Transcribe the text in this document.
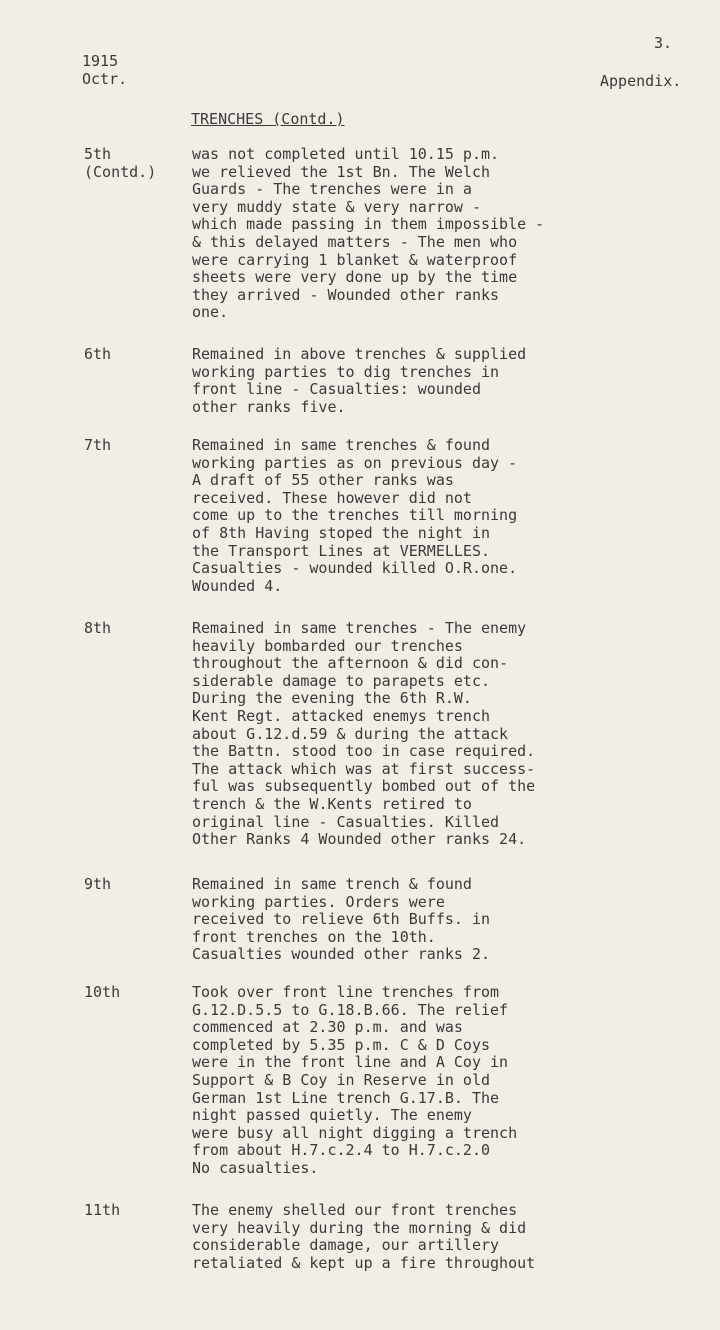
3.
1915
Octr.	Appendix.
TRENCHES (Contd.)
5th
(Contd.)
was not completed until 10.15 p.m.
we relieved the 1st Bn. The Welch
Guards - The trenches were in a
very muddy state & very narrow -
which made passing in them impossible -
& this delayed matters - The men who
were carrying 1 blanket & waterproof
sheets were very done up by the time
they arrived - Wounded other ranks
one.
6th	Remained in above trenches & supplied
working parties to dig trenches in
front line - Casualties: wounded
other ranks five.
7th	Remained in same trenches & found
working parties as on previous day -
A draft of 55 other ranks was
received. These however did not
come up to the trenches till morning
of 8th Having stoped the night in
the Transport Lines at VERMELLES.
Casualties - wounded killed O.R.one.
Wounded 4.
8th	Remained in same trenches - The enemy
heavily bombarded our trenches
throughout the afternoon & did con-
siderable damage to parapets etc.
During the evening the 6th R.W.
Kent Regt. attacked enemys trench
about G.12.d.59 & during the attack
the Battn. stood too in case required.
The attack which was at first success-
ful was subsequently bombed out of the
trench & the W.Kents retired to
original line - Casualties. Killed
Other Ranks 4 Wounded other ranks 24.
9th	Remained in same trench & found
working parties. Orders were
received to relieve 6th Buffs. in
front trenches on the 10th.
Casualties wounded other ranks 2.
10th	Took over front line trenches from
G.12.D.5.5 to G.18.B.66. The relief
commenced at 2.30 p.m. and was
completed by 5.35 p.m. C & D Coys
were in the front line and A Coy in
Support & B Coy in Reserve in old
German 1st Line trench G.17.B. The
night passed quietly. The enemy
were busy all night digging a trench
from about H.7.c.2.4 to H.7.c.2.0
No casualties.
11th	The enemy shelled our front trenches
very heavily during the morning & did
considerable damage, our artillery
retaliated & kept up a fire throughout
